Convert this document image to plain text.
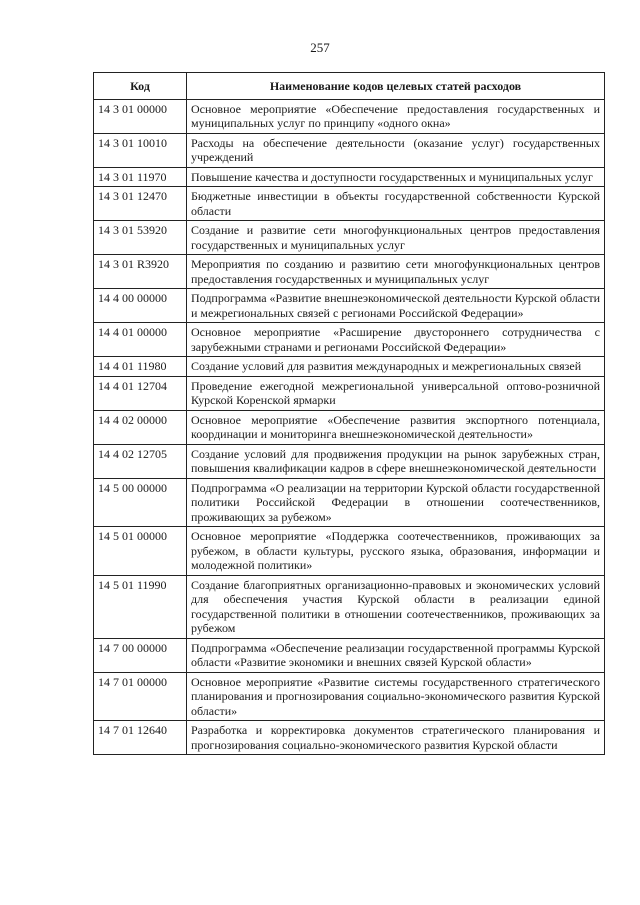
257
Код	Наименование кодов целевых статей расходов
14 3 01 00000	Основное мероприятие «Обеспечение предоставления государственных и муниципальных услуг по принципу «одного окна»
14 3 01 10010	Расходы на обеспечение деятельности (оказание услуг) государственных учреждений
14 3 01 11970	Повышение качества и доступности государственных и муниципальных услуг
14 3 01 12470	Бюджетные инвестиции в объекты государственной собственности Курской области
14 3 01 53920	Создание и развитие сети многофункциональных центров предоставления государственных и муниципальных услуг
14 3 01 R3920	Мероприятия по созданию и развитию сети многофункциональных центров предоставления государственных и муниципальных услуг
14 4 00 00000	Подпрограмма «Развитие внешнеэкономической деятельности Курской области и межрегиональных связей с регионами Российской Федерации»
14 4 01 00000	Основное мероприятие «Расширение двустороннего сотрудничества с зарубежными странами и регионами Российской Федерации»
14 4 01 11980	Создание условий для развития международных и межрегиональных связей
14 4 01 12704	Проведение ежегодной межрегиональной универсальной оптово-розничной Курской Коренской ярмарки
14 4 02 00000	Основное мероприятие «Обеспечение развития экспортного потенциала, координации и мониторинга внешнеэкономической деятельности»
14 4 02 12705	Создание условий для продвижения продукции на рынок зарубежных стран, повышения квалификации кадров в сфере внешнеэкономической деятельности
14 5 00 00000	Подпрограмма «О реализации на территории Курской области государственной политики Российской Федерации в отношении соотечественников, проживающих за рубежом»
14 5 01 00000	Основное мероприятие «Поддержка соотечественников, проживающих за рубежом, в области культуры, русского языка, образования, информации и молодежной политики»
14 5 01 11990	Создание благоприятных организационно-правовых и экономических условий для обеспечения участия Курской области в реализации единой государственной политики в отношении соотечественников, проживающих за рубежом
14 7 00 00000	Подпрограмма «Обеспечение реализации государственной программы Курской области «Развитие экономики и внешних связей Курской области»
14 7 01 00000	Основное мероприятие «Развитие системы государственного стратегического планирования и прогнозирования социально-экономического развития Курской области»
14 7 01 12640	Разработка и корректировка документов стратегического планирования и прогнозирования социально-экономического развития Курской области
